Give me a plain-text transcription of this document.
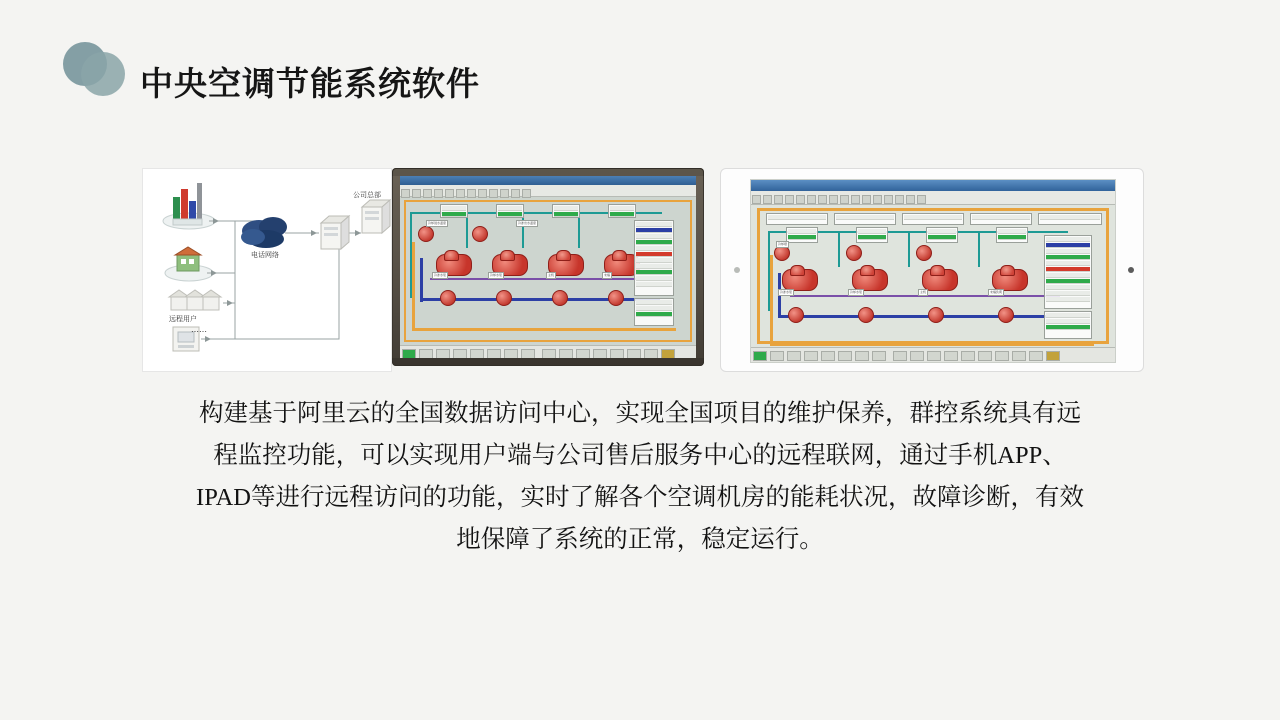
中央空调节能系统软件
电话网络
远程用户
……
公司总部
冷冻水泵	冷却水泵	主机	末端
冷却进水温度	冷冻出水温度

冷冻水泵	冷却水泵	主机	末端负荷
冷却塔

构建基于阿里云的全国数据访问中心，实现全国项目的维护保养，群控系统具有远程监控功能，可以实现用户端与公司售后服务中心的远程联网，通过手机APP、IPAD等进行远程访问的功能，实时了解各个空调机房的能耗状况，故障诊断，有效地保障了系统的正常，稳定运行。
